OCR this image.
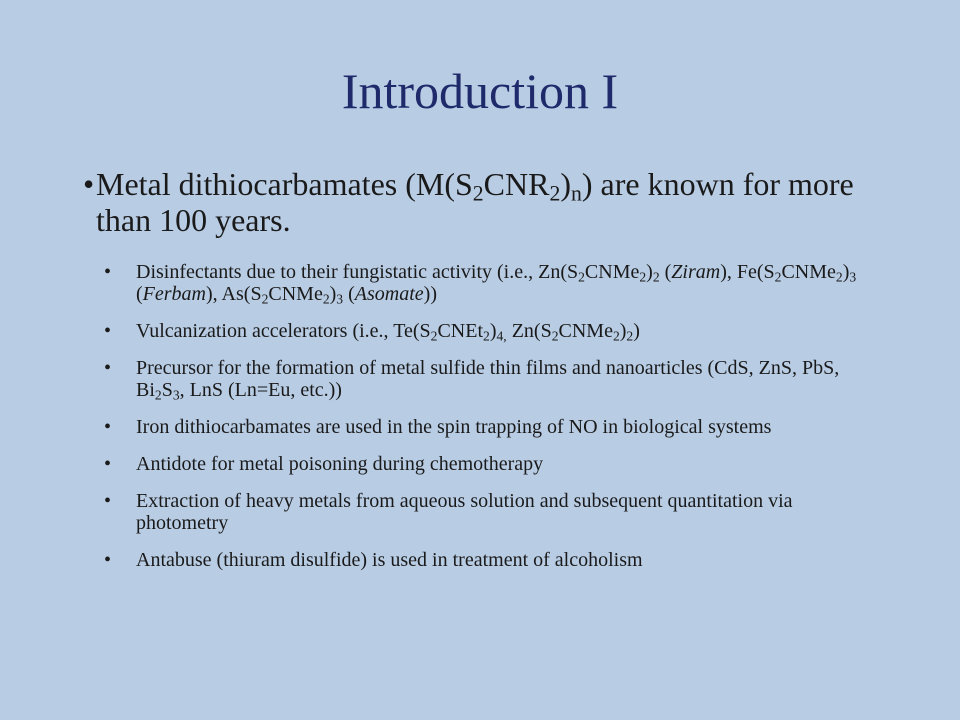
Introduction I
• Metal dithiocarbamates $(M(S_2CNR_2)_n)$ are known for more than 100 years.
• Disinfectants due to their fungistatic activity (i.e., $Zn(S_2CNMe_2)_2$ (Ziram), $Fe(S_2CNMe_2)_3$ (Ferbam), $As(S_2CNMe_2)_3$ (Asomate))
• Vulcanization accelerators (i.e., $Te(S_2CNEt_2)_{4,}$ $Zn(S_2CNMe_2)_2$)
• Precursor for the formation of metal sulfide thin films and nanoarticles (CdS, ZnS, PbS, $Bi_2S_3$, LnS (Ln=Eu, etc.))
• Iron dithiocarbamates are used in the spin trapping of NO in biological systems
• Antidote for metal poisoning during chemotherapy
• Extraction of heavy metals from aqueous solution and subsequent quantitation via photometry
• Antabuse (thiuram disulfide) is used in treatment of alcoholism
